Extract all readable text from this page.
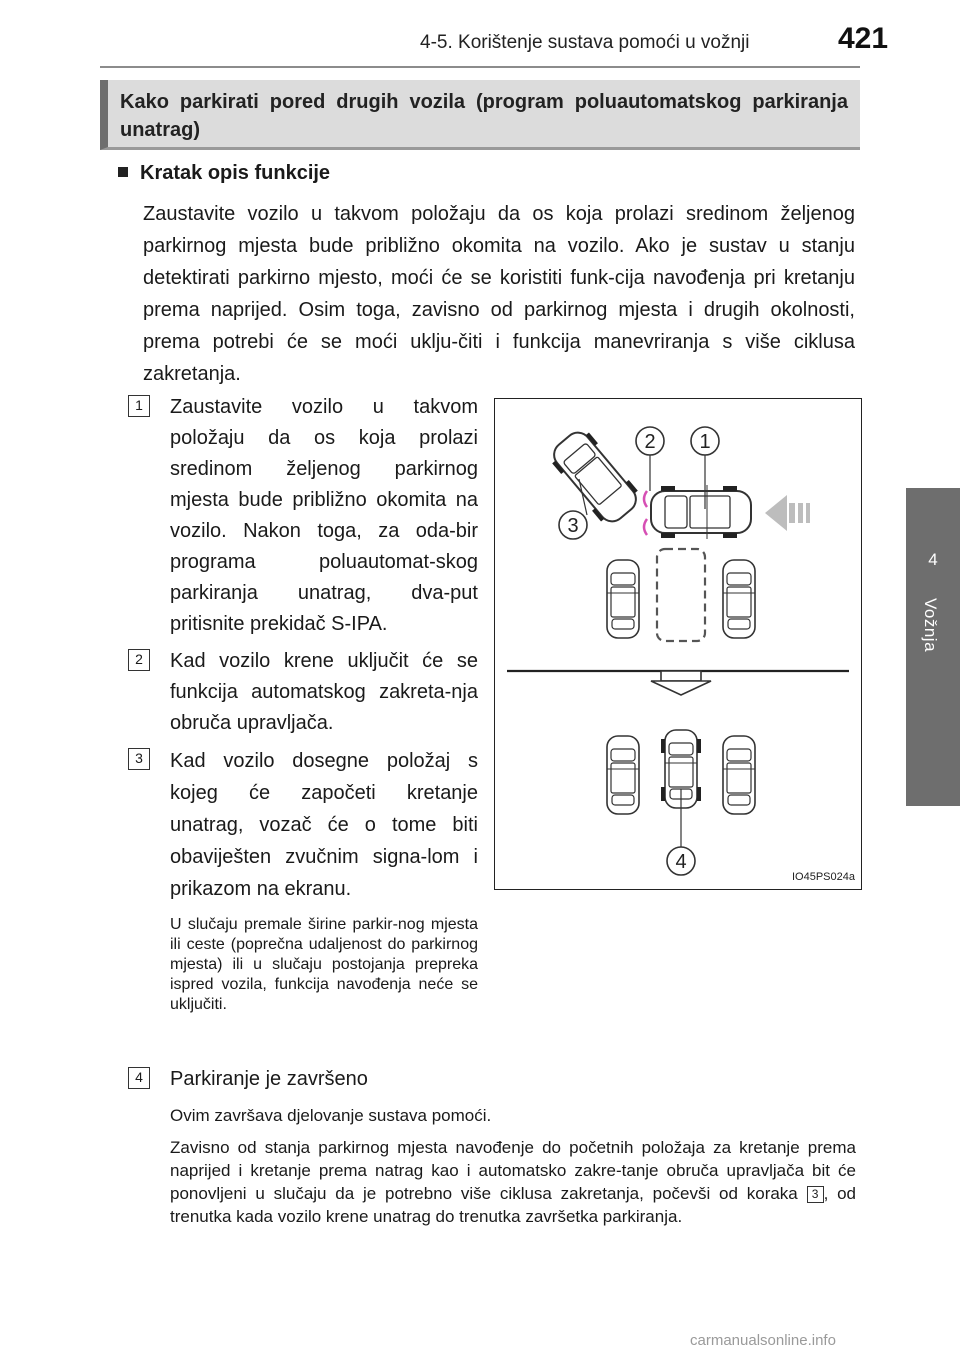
4-5. Korištenje sustava pomoći u vožnji	421
4
Vožnja
Kako parkirati pored drugih vozila (program poluautomatskog parkiranja unatrag)
Kratak opis funkcije
Zaustavite vozilo u takvom položaju da os koja prolazi sredinom željenog parkirnog mjesta bude približno okomita na vozilo. Ako je sustav u stanju detektirati parkirno mjesto, moći će se koristiti funk-cija navođenja pri kretanju prema naprijed. Osim toga, zavisno od parkirnog mjesta i drugih okolnosti, prema potrebi će se moći uklju-čiti i funkcija manevriranja s više ciklusa zakretanja.
1	Zaustavite vozilo u takvom položaju da os koja prolazi sredinom željenog parkirnog mjesta bude približno okomita na vozilo. Nakon toga, za oda-bir programa poluautomat-skog parkiranja unatrag, dva-put pritisnite prekidač S-IPA.
2	Kad vozilo krene uključit će se funkcija automatskog zakreta-nja obruča upravljača.
3	Kad vozilo dosegne položaj s kojeg će započeti kretanje unatrag, vozač će o tome biti obaviješten zvučnim signa-lom i prikazom na ekranu.
U slučaju premale širine parkir-nog mjesta ili ceste (poprečna udaljenost do parkirnog mjesta) ili u slučaju postojanja prepreka ispred vozila, funkcija navođenja neće se uključiti.
1
2
3
4
IO45PS024a
4	Parkiranje je završeno
Ovim završava djelovanje sustava pomoći.
Zavisno od stanja parkirnog mjesta navođenje do početnih položaja za kretanje prema naprijed i kretanje prema natrag kao i automatsko zakre-tanje obruča upravljača bit će ponovljeni u slučaju da je potrebno više ciklusa zakretanja, počevši od koraka 3 , od trenutka kada vozilo krene unatrag do trenutka završetka parkiranja.
carmanualsonline.info
